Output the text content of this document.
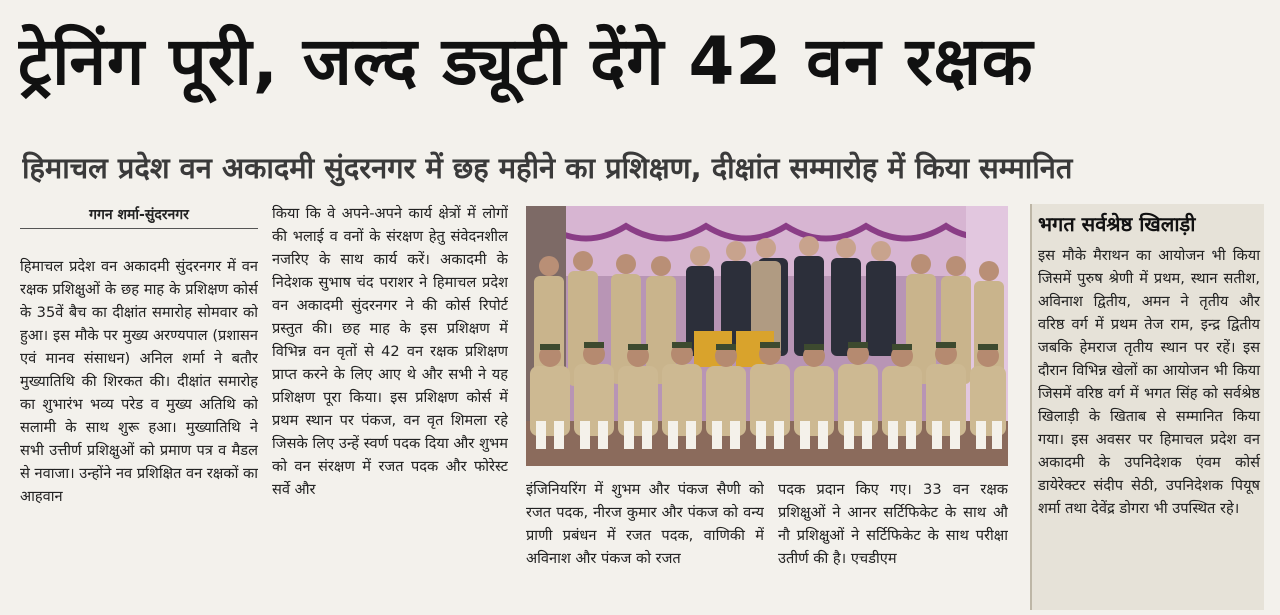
ट्रेनिंग पूरी, जल्द ड्यूटी देंगे 42 वन रक्षक
हिमाचल प्रदेश वन अकादमी सुंदरनगर में छह महीने का प्रशिक्षण, दीक्षांत सम्मारोह में किया सम्मानित
गगन शर्मा-सुंदरनगर
हिमाचल प्रदेश वन अकादमी सुंदरनगर में वन रक्षक प्रशिक्षुओं के छह माह के प्रशिक्षण कोर्स के 35वें बैच का दीक्षांत समारोह सोमवार को हुआ। इस मौके पर मुख्य अरण्यपाल (प्रशासन एवं मानव संसाधन) अनिल शर्मा ने बतौर मुख्यातिथि की शिरकत की। दीक्षांत समारोह का शुभारंभ भव्य परेड व मुख्य अतिथि को सलामी के साथ शुरू हआ। मुख्यातिथि ने सभी उत्तीर्ण प्रशिक्षुओं को प्रमाण पत्र व मैडल से नवाजा। उन्होंने नव प्रशिक्षित वन रक्षकों का आहवान
किया कि वे अपने-अपने कार्य क्षेत्रों में लोगों की भलाई व वनों के संरक्षण हेतु संवेदनशील नजरिए के साथ कार्य करें। अकादमी के निदेशक सुभाष चंद पराशर ने हिमाचल प्रदेश वन अकादमी सुंदरनगर ने की कोर्स रिपोर्ट प्रस्तुत की। छह माह के इस प्रशिक्षण में विभिन्न वन वृतों से 42 वन रक्षक प्रशिक्षण प्राप्त करने के लिए आए थे और सभी ने यह प्रशिक्षण पूरा किया। इस प्रशिक्षण कोर्स में प्रथम स्थान पर पंकज, वन वृत शिमला रहे जिसके लिए उन्हें स्वर्ण पदक दिया और शुभम को वन संरक्षण में रजत पदक और फोरेस्ट सर्वे और	इंजिनियरिंग में शुभम और पंकज सैणी को रजत पदक, नीरज कुमार और पंकज को वन्य प्राणी प्रबंधन में रजत पदक, वाणिकी में अविनाश और पंकज को रजत
पदक प्रदान किए गए। 33 वन रक्षक प्रशिक्षुओं ने आनर सर्टिफिकेट के साथ औ नौ प्रशिक्षुओं ने सर्टिफिकेट के साथ परीक्षा उतीर्ण की है। एचडीएम
भगत सर्वश्रेष्ठ खिलाड़ी
इस मौके मैराथन का आयोजन भी किया जिसमें पुरुष श्रेणी में प्रथम, स्थान सतीश, अविनाश द्वितीय, अमन ने तृतीय और वरिष्ठ वर्ग में प्रथम तेज राम, इन्द्र द्वितीय जबकि हेमराज तृतीय स्थान पर रहें। इस दौरान विभिन्न खेलों का आयोजन भी किया जिसमें वरिष्ठ वर्ग में भगत सिंह को सर्वश्रेष्ठ खिलाड़ी के खिताब से सम्मानित किया गया। इस अवसर पर हिमाचल प्रदेश वन अकादमी के उपनिदेशक एंवम कोर्स डायेरेक्टर संदीप सेठी, उपनिदेशक पियूष शर्मा तथा देवेंद्र डोगरा भी उपस्थित रहे।
